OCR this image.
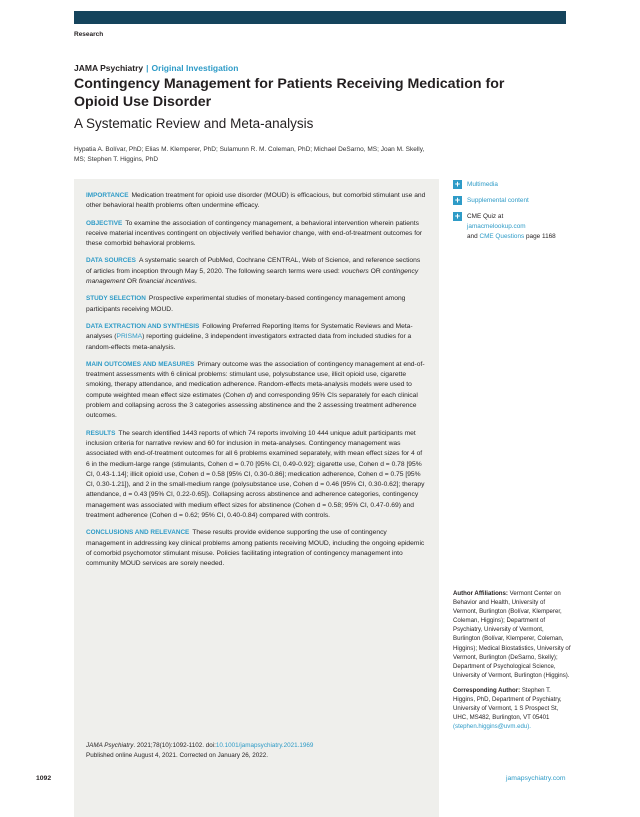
Research
JAMA Psychiatry | Original Investigation
Contingency Management for Patients Receiving Medication for Opioid Use Disorder
A Systematic Review and Meta-analysis
Hypatia A. Bolívar, PhD; Elias M. Klemperer, PhD; Sulamunn R. M. Coleman, PhD; Michael DeSarno, MS; Joan M. Skelly, MS; Stephen T. Higgins, PhD

IMPORTANCE Medication treatment for opioid use disorder (MOUD) is efficacious, but comorbid stimulant use and other behavioral health problems often undermine efficacy.

OBJECTIVE To examine the association of contingency management, a behavioral intervention wherein patients receive material incentives contingent on objectively verified behavior change, with end-of-treatment outcomes for these comorbid behavioral problems.

DATA SOURCES A systematic search of PubMed, Cochrane CENTRAL, Web of Science, and reference sections of articles from inception through May 5, 2020. The following search terms were used: vouchers OR contingency management OR financial incentives.

STUDY SELECTION Prospective experimental studies of monetary-based contingency management among participants receiving MOUD.

DATA EXTRACTION AND SYNTHESIS Following Preferred Reporting Items for Systematic Reviews and Meta-analyses (PRISMA) reporting guideline, 3 independent investigators extracted data from included studies for a random-effects meta-analysis.

MAIN OUTCOMES AND MEASURES Primary outcome was the association of contingency management at end-of-treatment assessments with 6 clinical problems: stimulant use, polysubstance use, illicit opioid use, cigarette smoking, therapy attendance, and medication adherence. Random-effects meta-analysis models were used to compute weighted mean effect size estimates (Cohen d) and corresponding 95% CIs separately for each clinical problem and collapsing across the 3 categories assessing abstinence and the 2 assessing treatment adherence outcomes.

RESULTS The search identified 1443 reports of which 74 reports involving 10 444 unique adult participants met inclusion criteria for narrative review and 60 for inclusion in meta-analyses. Contingency management was associated with end-of-treatment outcomes for all 6 problems examined separately, with mean effect sizes for 4 of 6 in the medium-large range (stimulants, Cohen d = 0.70 [95% CI, 0.49-0.92]; cigarette use, Cohen d = 0.78 [95% CI, 0.43-1.14]; illicit opioid use, Cohen d = 0.58 [95% CI, 0.30-0.86]; medication adherence, Cohen d = 0.75 [95% CI, 0.30-1.21]), and 2 in the small-medium range (polysubstance use, Cohen d = 0.46 [95% CI, 0.30-0.62]; therapy attendance, d = 0.43 [95% CI, 0.22-0.65]). Collapsing across abstinence and adherence categories, contingency management was associated with medium effect sizes for abstinence (Cohen d = 0.58; 95% CI, 0.47-0.69) and treatment adherence (Cohen d = 0.62; 95% CI, 0.40-0.84) compared with controls.

CONCLUSIONS AND RELEVANCE These results provide evidence supporting the use of contingency management in addressing key clinical problems among patients receiving MOUD, including the ongoing epidemic of comorbid psychomotor stimulant misuse. Policies facilitating integration of contingency management into community MOUD services are sorely needed.

JAMA Psychiatry. 2021;78(10):1092-1102. doi:10.1001/jamapsychiatry.2021.1969
Published online August 4, 2021. Corrected on January 26, 2022.
+ Multimedia
+ Supplemental content
+ CME Quiz at
jamacmelookup.com
and CME Questions page 1168
Author Affiliations: Vermont Center on Behavior and Health, University of Vermont, Burlington (Bolívar, Klemperer, Coleman, Higgins); Department of Psychiatry, University of Vermont, Burlington (Bolívar, Klemperer, Coleman, Higgins); Medical Biostatistics, University of Vermont, Burlington (DeSarno, Skelly); Department of Psychological Science, University of Vermont, Burlington (Higgins).
Corresponding Author: Stephen T. Higgins, PhD, Department of Psychiatry, University of Vermont, 1 S Prospect St, UHC, MS482, Burlington, VT 05401
(stephen.higgins@uvm.edu).
1092	jamapsychiatry.com
